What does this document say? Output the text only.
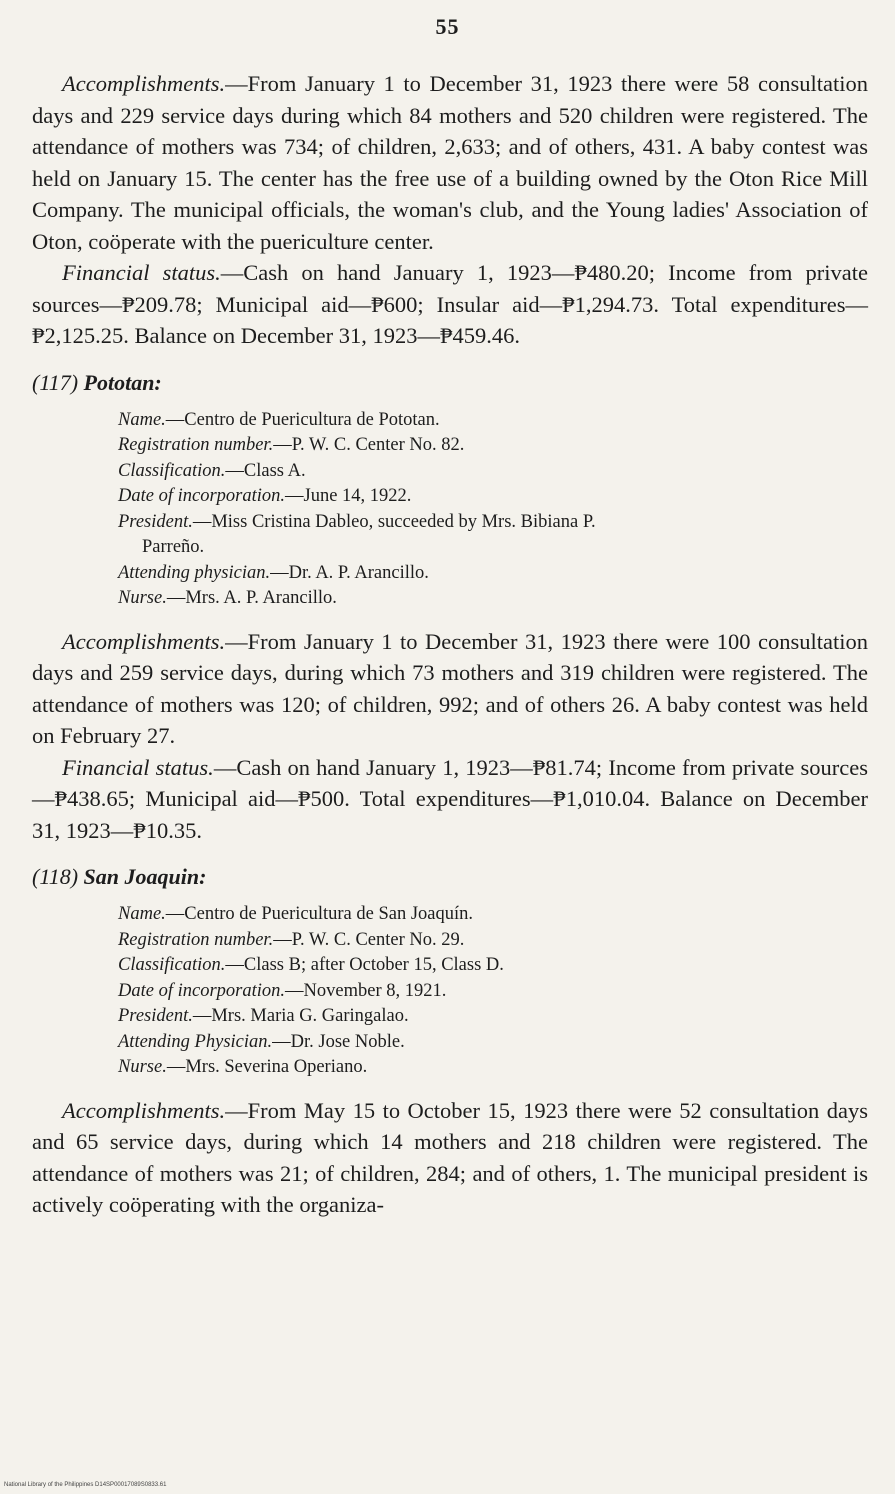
55

Accomplishments.—From January 1 to December 31, 1923 there were 58 consultation days and 229 service days during which 84 mothers and 520 children were registered. The attendance of mothers was 734; of children, 2,633; and of others, 431. A baby contest was held on January 15. The center has the free use of a building owned by the Oton Rice Mill Company. The municipal officials, the woman's club, and the Young ladies' Association of Oton, coöperate with the puericulture center.

Financial status.—Cash on hand January 1, 1923—₱480.20; Income from private sources—₱209.78; Municipal aid—₱600; Insular aid—₱1,294.73. Total expenditures—₱2,125.25. Balance on December 31, 1923—₱459.46.

(117) Pototan:
Name.—Centro de Puericultura de Pototan.
Registration number.—P. W. C. Center No. 82.
Classification.—Class A.
Date of incorporation.—June 14, 1922.
President.—Miss Cristina Dableo, succeeded by Mrs. Bibiana P.
Parreño.
Attending physician.—Dr. A. P. Arancillo.
Nurse.—Mrs. A. P. Arancillo.

Accomplishments.—From January 1 to December 31, 1923 there were 100 consultation days and 259 service days, during which 73 mothers and 319 children were registered. The attendance of mothers was 120; of children, 992; and of others 26. A baby contest was held on February 27.

Financial status.—Cash on hand January 1, 1923—₱81.74; Income from private sources—₱438.65; Municipal aid—₱500. Total expenditures—₱1,010.04. Balance on December 31, 1923—₱10.35.

(118) San Joaquin:
Name.—Centro de Puericultura de San Joaquín.
Registration number.—P. W. C. Center No. 29.
Classification.—Class B; after October 15, Class D.
Date of incorporation.—November 8, 1921.
President.—Mrs. Maria G. Garingalao.
Attending Physician.—Dr. Jose Noble.
Nurse.—Mrs. Severina Operiano.

Accomplishments.—From May 15 to October 15, 1923 there were 52 consultation days and 65 service days, during which 14 mothers and 218 children were registered. The attendance of mothers was 21; of children, 284; and of others, 1. The municipal president is actively coöperating with the organiza-

National Library of the Philippines D14SP00017089S0833.61
